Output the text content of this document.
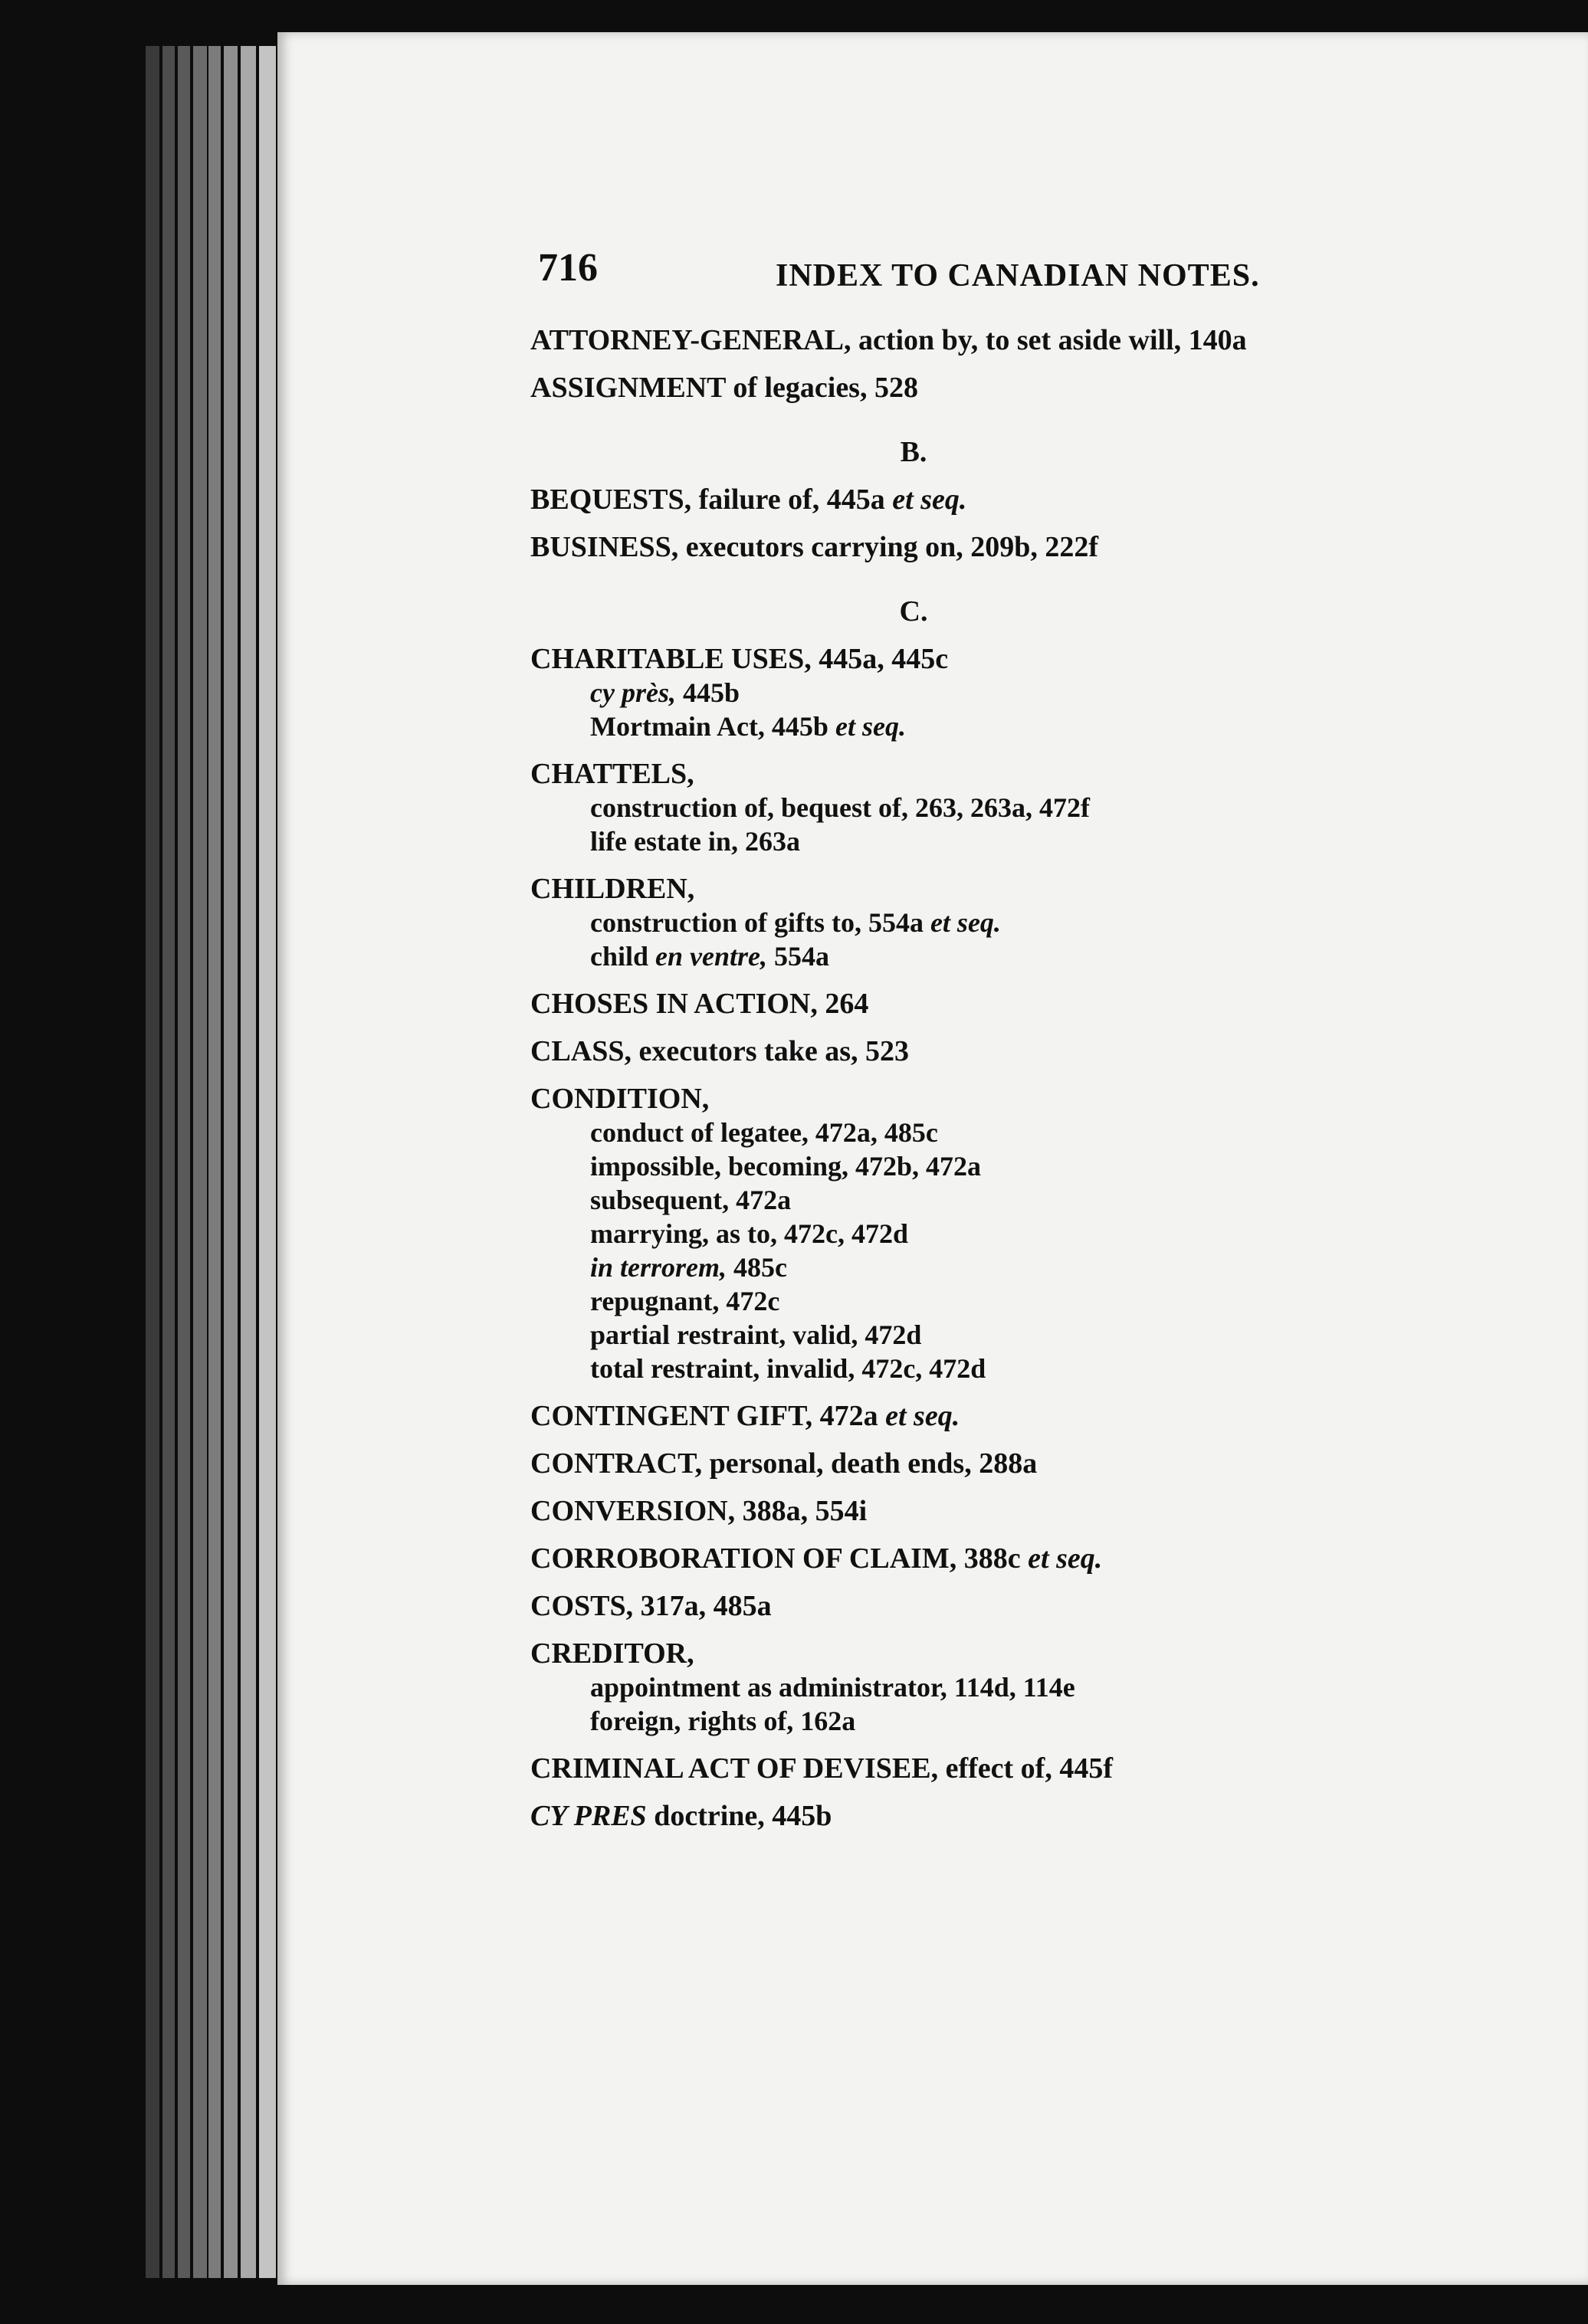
716	INDEX TO CANADIAN NOTES.
ATTORNEY-GENERAL, action by, to set aside will, 140a
ASSIGNMENT of legacies, 528
B.
BEQUESTS, failure of, 445a et seq.
BUSINESS, executors carrying on, 209b, 222f
C.
CHARITABLE USES, 445a, 445c
cy près, 445b
Mortmain Act, 445b et seq.
CHATTELS,
construction of, bequest of, 263, 263a, 472f
life estate in, 263a
CHILDREN,
construction of gifts to, 554a et seq.
child en ventre, 554a
CHOSES IN ACTION, 264
CLASS, executors take as, 523
CONDITION,
conduct of legatee, 472a, 485c
impossible, becoming, 472b, 472a
subsequent, 472a
marrying, as to, 472c, 472d
in terrorem, 485c
repugnant, 472c
partial restraint, valid, 472d
total restraint, invalid, 472c, 472d
CONTINGENT GIFT, 472a et seq.
CONTRACT, personal, death ends, 288a
CONVERSION, 388a, 554i
CORROBORATION OF CLAIM, 388c et seq.
COSTS, 317a, 485a
CREDITOR,
appointment as administrator, 114d, 114e
foreign, rights of, 162a
CRIMINAL ACT OF DEVISEE, effect of, 445f
CY PRES doctrine, 445b
